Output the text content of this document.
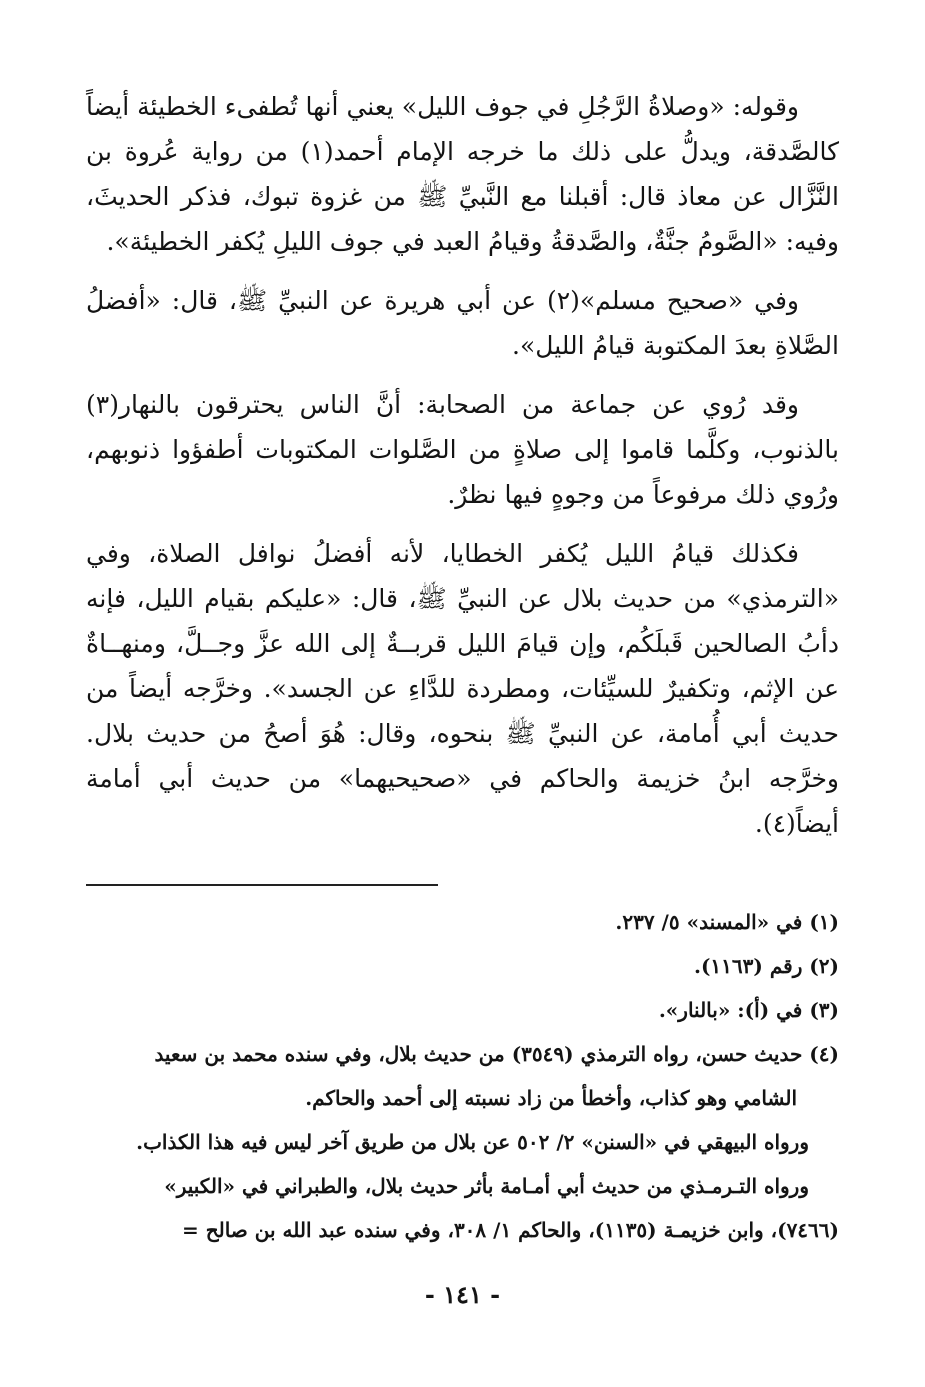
وقوله: «وصلاةُ الرَّجُلِ في جوف الليل» يعني أنها تُطفىء الخطيئة أيضاً كالصَّدقة، ويدلُّ على ذلك ما خرجه الإمام أحمد(١) من رواية عُروة بن النَّزَّال عن معاذ قال: أقبلنا مع النَّبيِّ ﷺ من غزوة تبوك، فذكر الحديثَ، وفيه: «الصَّومُ جنَّةٌ، والصَّدقةُ وقيامُ العبد في جوف الليلِ يُكفر الخطيئة».

وفي «صحيح مسلم»(٢) عن أبي هريرة عن النبيِّ ﷺ، قال: «أفضلُ الصَّلاةِ بعدَ المكتوبة قيامُ الليل».

وقد رُوي عن جماعة من الصحابة: أنَّ الناس يحترقون بالنهار(٣) بالذنوب، وكلَّما قاموا إلى صلاةٍ من الصَّلوات المكتوبات أطفؤوا ذنوبهم، ورُوي ذلك مرفوعاً من وجوهٍ فيها نظرٌ.

فكذلك قيامُ الليل يُكفر الخطايا، لأنه أفضلُ نوافل الصلاة، وفي «الترمذي» من حديث بلال عن النبيِّ ﷺ، قال: «عليكم بقيام الليل، فإنه دأبُ الصالحين قَبلَكُم، وإن قيامَ الليل قربــةٌ إلى الله عزَّ وجــلَّ، ومنهــاةٌ عن الإثم، وتكفيرٌ للسيِّئات، ومطردة للدَّاءِ عن الجسد». وخرَّجه أيضاً من حديث أبي أُمامة، عن النبيِّ ﷺ بنحوه، وقال: هُوَ أصحُ من حديث بلال. وخرَّجه ابنُ خزيمة والحاكم في «صحيحيهما» من حديث أبي أمامة أيضاً(٤).

(١) في «المسند» ٥/ ٢٣٧.

(٢) رقم (١١٦٣).

(٣) في (أ): «بالنار».

(٤) حديث حسن، رواه الترمذي (٣٥٤٩) من حديث بلال، وفي سنده محمد بن سعيد

الشامي وهو كذاب، وأخطأ من زاد نسبته إلى أحمد والحاكم.

ورواه البيهقي في «السنن» ٢/ ٥٠٢ عن بلال من طريق آخر ليس فيه هذا الكذاب.

ورواه التـرمـذي من حديث أبي أمـامة بأثر حديث بلال، والطبراني في «الكبير»

(٧٤٦٦)، وابن خزيمـة (١١٣٥)، والحاكم ١/ ٣٠٨، وفي سنده عبد الله بن صالح =

- ١٤١ -
